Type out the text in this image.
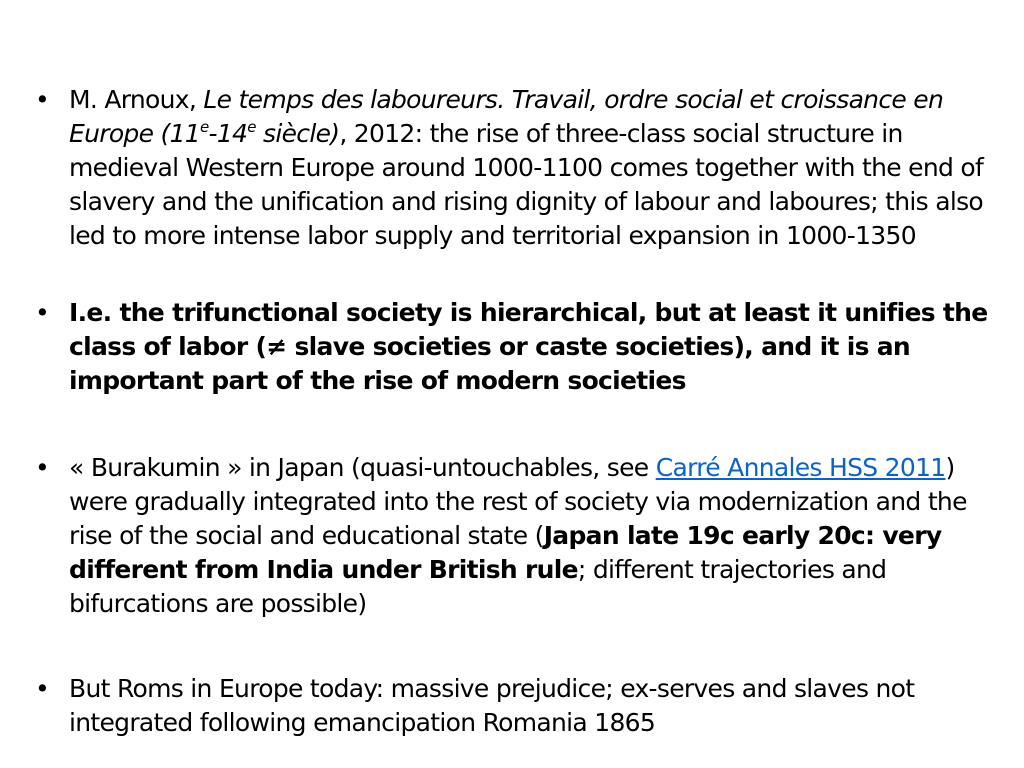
• M. Arnoux, Le temps des laboureurs. Travail, ordre social et croissance en Europe (11e-14e siècle), 2012: the rise of three-class social structure in medieval Western Europe around 1000-1100 comes together with the end of slavery and the unification and rising dignity of labour and laboures; this also led to more intense labor supply and territorial expansion in 1000-1350
• I.e. the trifunctional society is hierarchical, but at least it unifies the class of labor (≠ slave societies or caste societies), and it is an important part of the rise of modern societies
• « Burakumin » in Japan (quasi-untouchables, see Carré Annales HSS 2011) were gradually integrated into the rest of society via modernization and the rise of the social and educational state (Japan late 19c early 20c: very different from India under British rule; different trajectories and bifurcations are possible)
• But Roms in Europe today: massive prejudice; ex-serves and slaves not integrated following emancipation Romania 1865
